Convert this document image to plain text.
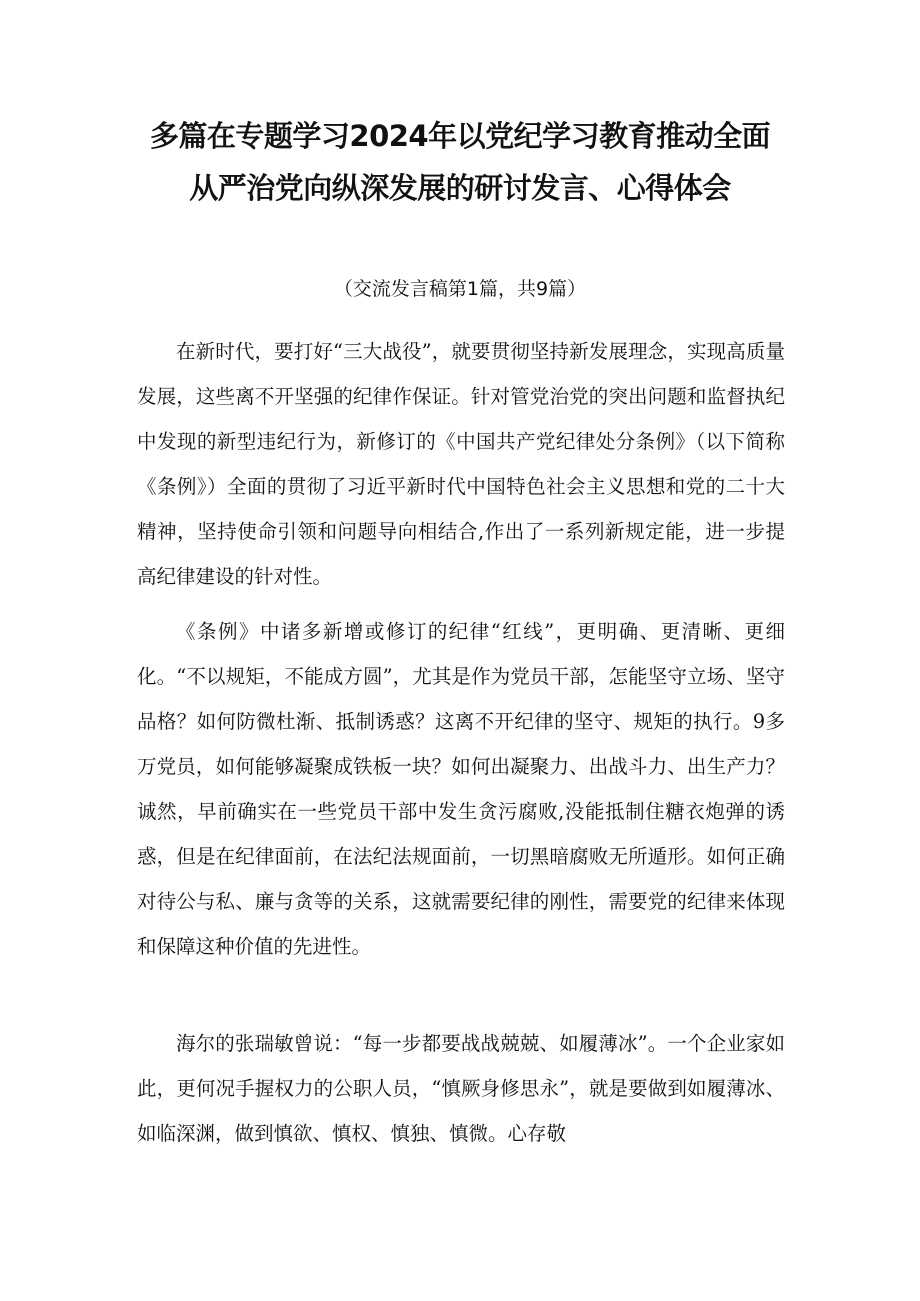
多篇在专题学习2024年以党纪学习教育推动全面
从严治党向纵深发展的研讨发言、心得体会
（交流发言稿第1篇，共9篇）

在新时代，要打好“三大战役”，就要贯彻坚持新发展理念，实现高质量发展，这些离不开坚强的纪律作保证。针对管党治党的突出问题和监督执纪中发现的新型违纪行为，新修订的《中国共产党纪律处分条例》（以下简称《条例》）全面的贯彻了习近平新时代中国特色社会主义思想和党的二十大精神，坚持使命引领和问题导向相结合,作出了一系列新规定能，进一步提高纪律建设的针对性。

《条例》中诸多新增或修订的纪律“红线”，更明确、更清晰、更细化。“不以规矩，不能成方圆”，尤其是作为党员干部，怎能坚守立场、坚守品格？如何防微杜渐、抵制诱惑？这离不开纪律的坚守、规矩的执行。9多万党员，如何能够凝聚成铁板一块？如何出凝聚力、出战斗力、出生产力？诚然，早前确实在一些党员干部中发生贪污腐败,没能抵制住糖衣炮弹的诱惑，但是在纪律面前，在法纪法规面前，一切黑暗腐败无所遁形。如何正确对待公与私、廉与贪等的关系，这就需要纪律的刚性，需要党的纪律来体现和保障这种价值的先进性。

海尔的张瑞敏曾说：“每一步都要战战兢兢、如履薄冰”。一个企业家如此，更何况手握权力的公职人员，“慎厥身修思永”，就是要做到如履薄冰、如临深渊，做到慎欲、慎权、慎独、慎微。心存敬
